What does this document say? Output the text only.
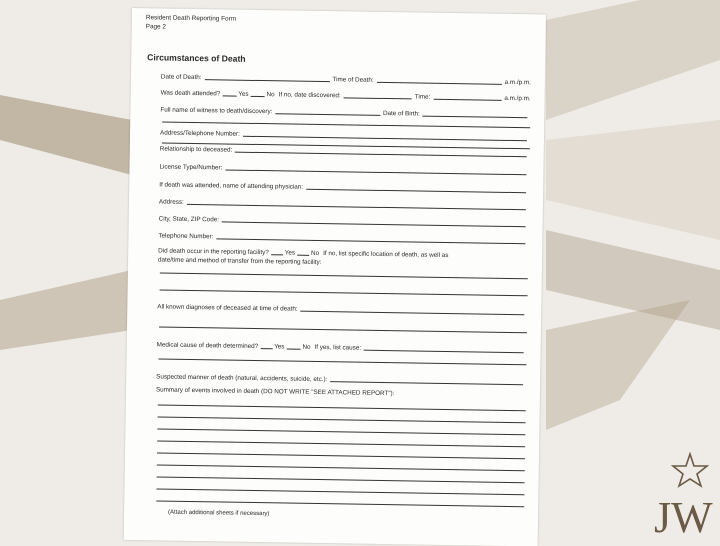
Resident Death Reporting Form
Page 2
Circumstances of Death
Date of Death:	Time of Death:	a.m./p.m.
Was death attended?	Yes	No If no, date discovered:	Time:	a.m./p.m.
Full name of witness to death/discovery:	Date of Birth:
Address/Telephone Number:
Relationship to deceased:
License Type/Number:
If death was attended, name of attending physician:
Address:
City, State, ZIP Code:
Telephone Number:
Did death occur in the reporting facility?	Yes	No If no, list specific location of death, as well as
date/time and method of transfer from the reporting facility:
All known diagnoses of deceased at time of death:
Medical cause of death determined?	Yes	No If yes, list cause:
Suspected manner of death (natural, accidents, suicide, etc.):
Summary of events involved in death (DO NOT WRITE "SEE ATTACHED REPORT"):
(Attach additional sheets if necessary)	JW
